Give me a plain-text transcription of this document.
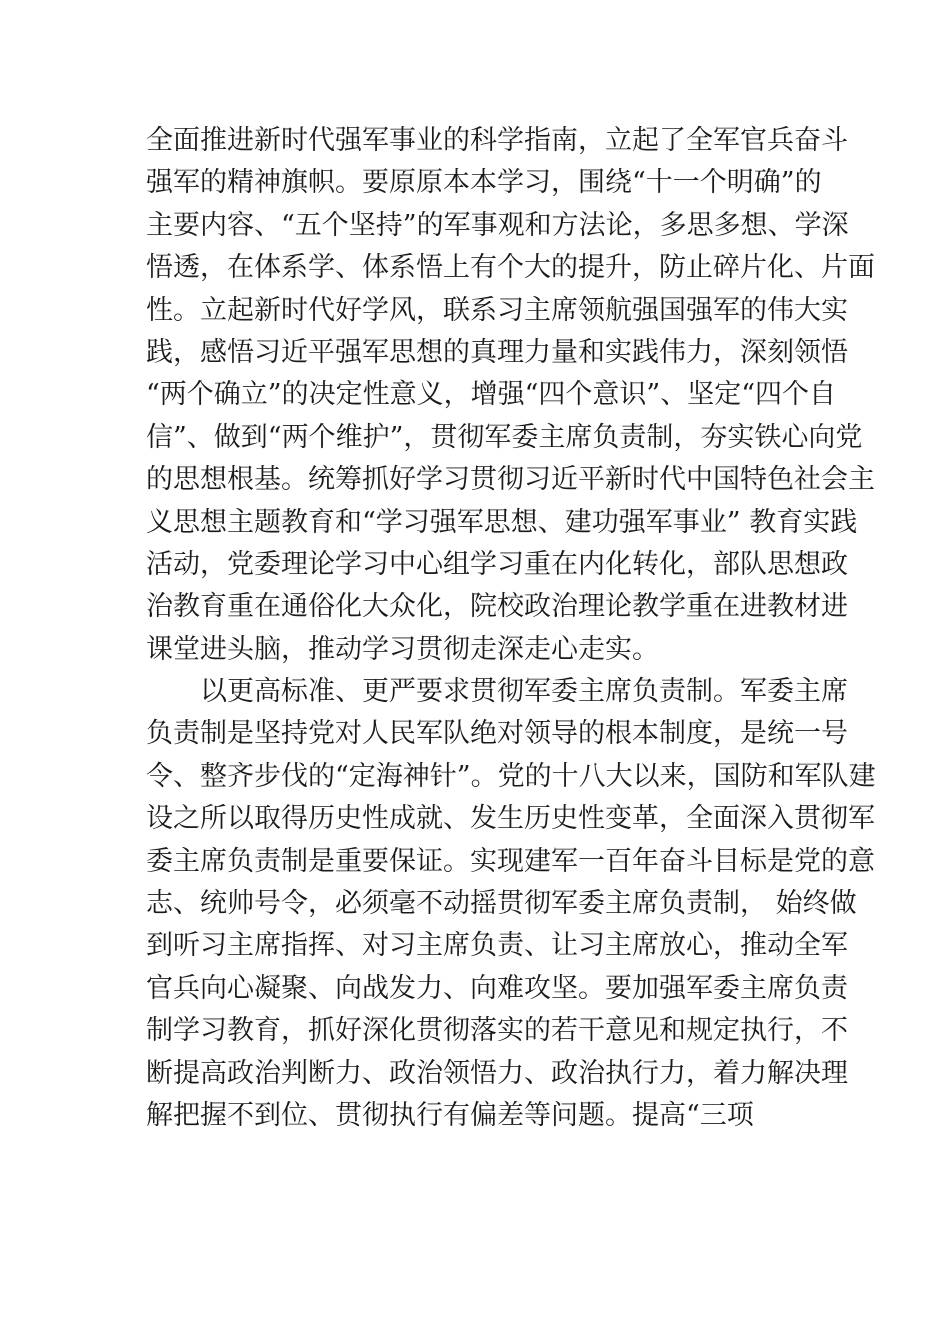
全面推进新时代强军事业的科学指南，立起了全军官兵奋斗
强军的精神旗帜。要原原本本学习，围绕“十一个明确”的
主要内容、“五个坚持”的军事观和方法论，多思多想、学深
悟透，在体系学、体系悟上有个大的提升，防止碎片化、片面
性。立起新时代好学风，联系习主席领航强国强军的伟大实
践，感悟习近平强军思想的真理力量和实践伟力，深刻领悟
“两个确立”的决定性意义，增强“四个意识”、坚定“四个自
信”、做到“两个维护”，贯彻军委主席负责制，夯实铁心向党
的思想根基。统筹抓好学习贯彻习近平新时代中国特色社会主
义思想主题教育和“学习强军思想、建功强军事业” 教育实践
活动，党委理论学习中心组学习重在内化转化，部队思想政
治教育重在通俗化大众化，院校政治理论教学重在进教材进
课堂进头脑，推动学习贯彻走深走心走实。
以更高标准、更严要求贯彻军委主席负责制。军委主席
负责制是坚持党对人民军队绝对领导的根本制度，是统一号
令、整齐步伐的“定海神针”。党的十八大以来，国防和军队建
设之所以取得历史性成就、发生历史性变革，全面深入贯彻军
委主席负责制是重要保证。实现建军一百年奋斗目标是党的意
志、统帅号令，必须毫不动摇贯彻军委主席负责制， 始终做
到听习主席指挥、对习主席负责、让习主席放心，推动全军
官兵向心凝聚、向战发力、向难攻坚。要加强军委主席负责
制学习教育，抓好深化贯彻落实的若干意见和规定执行，不
断提高政治判断力、政治领悟力、政治执行力，着力解决理
解把握不到位、贯彻执行有偏差等问题。提高“三项
